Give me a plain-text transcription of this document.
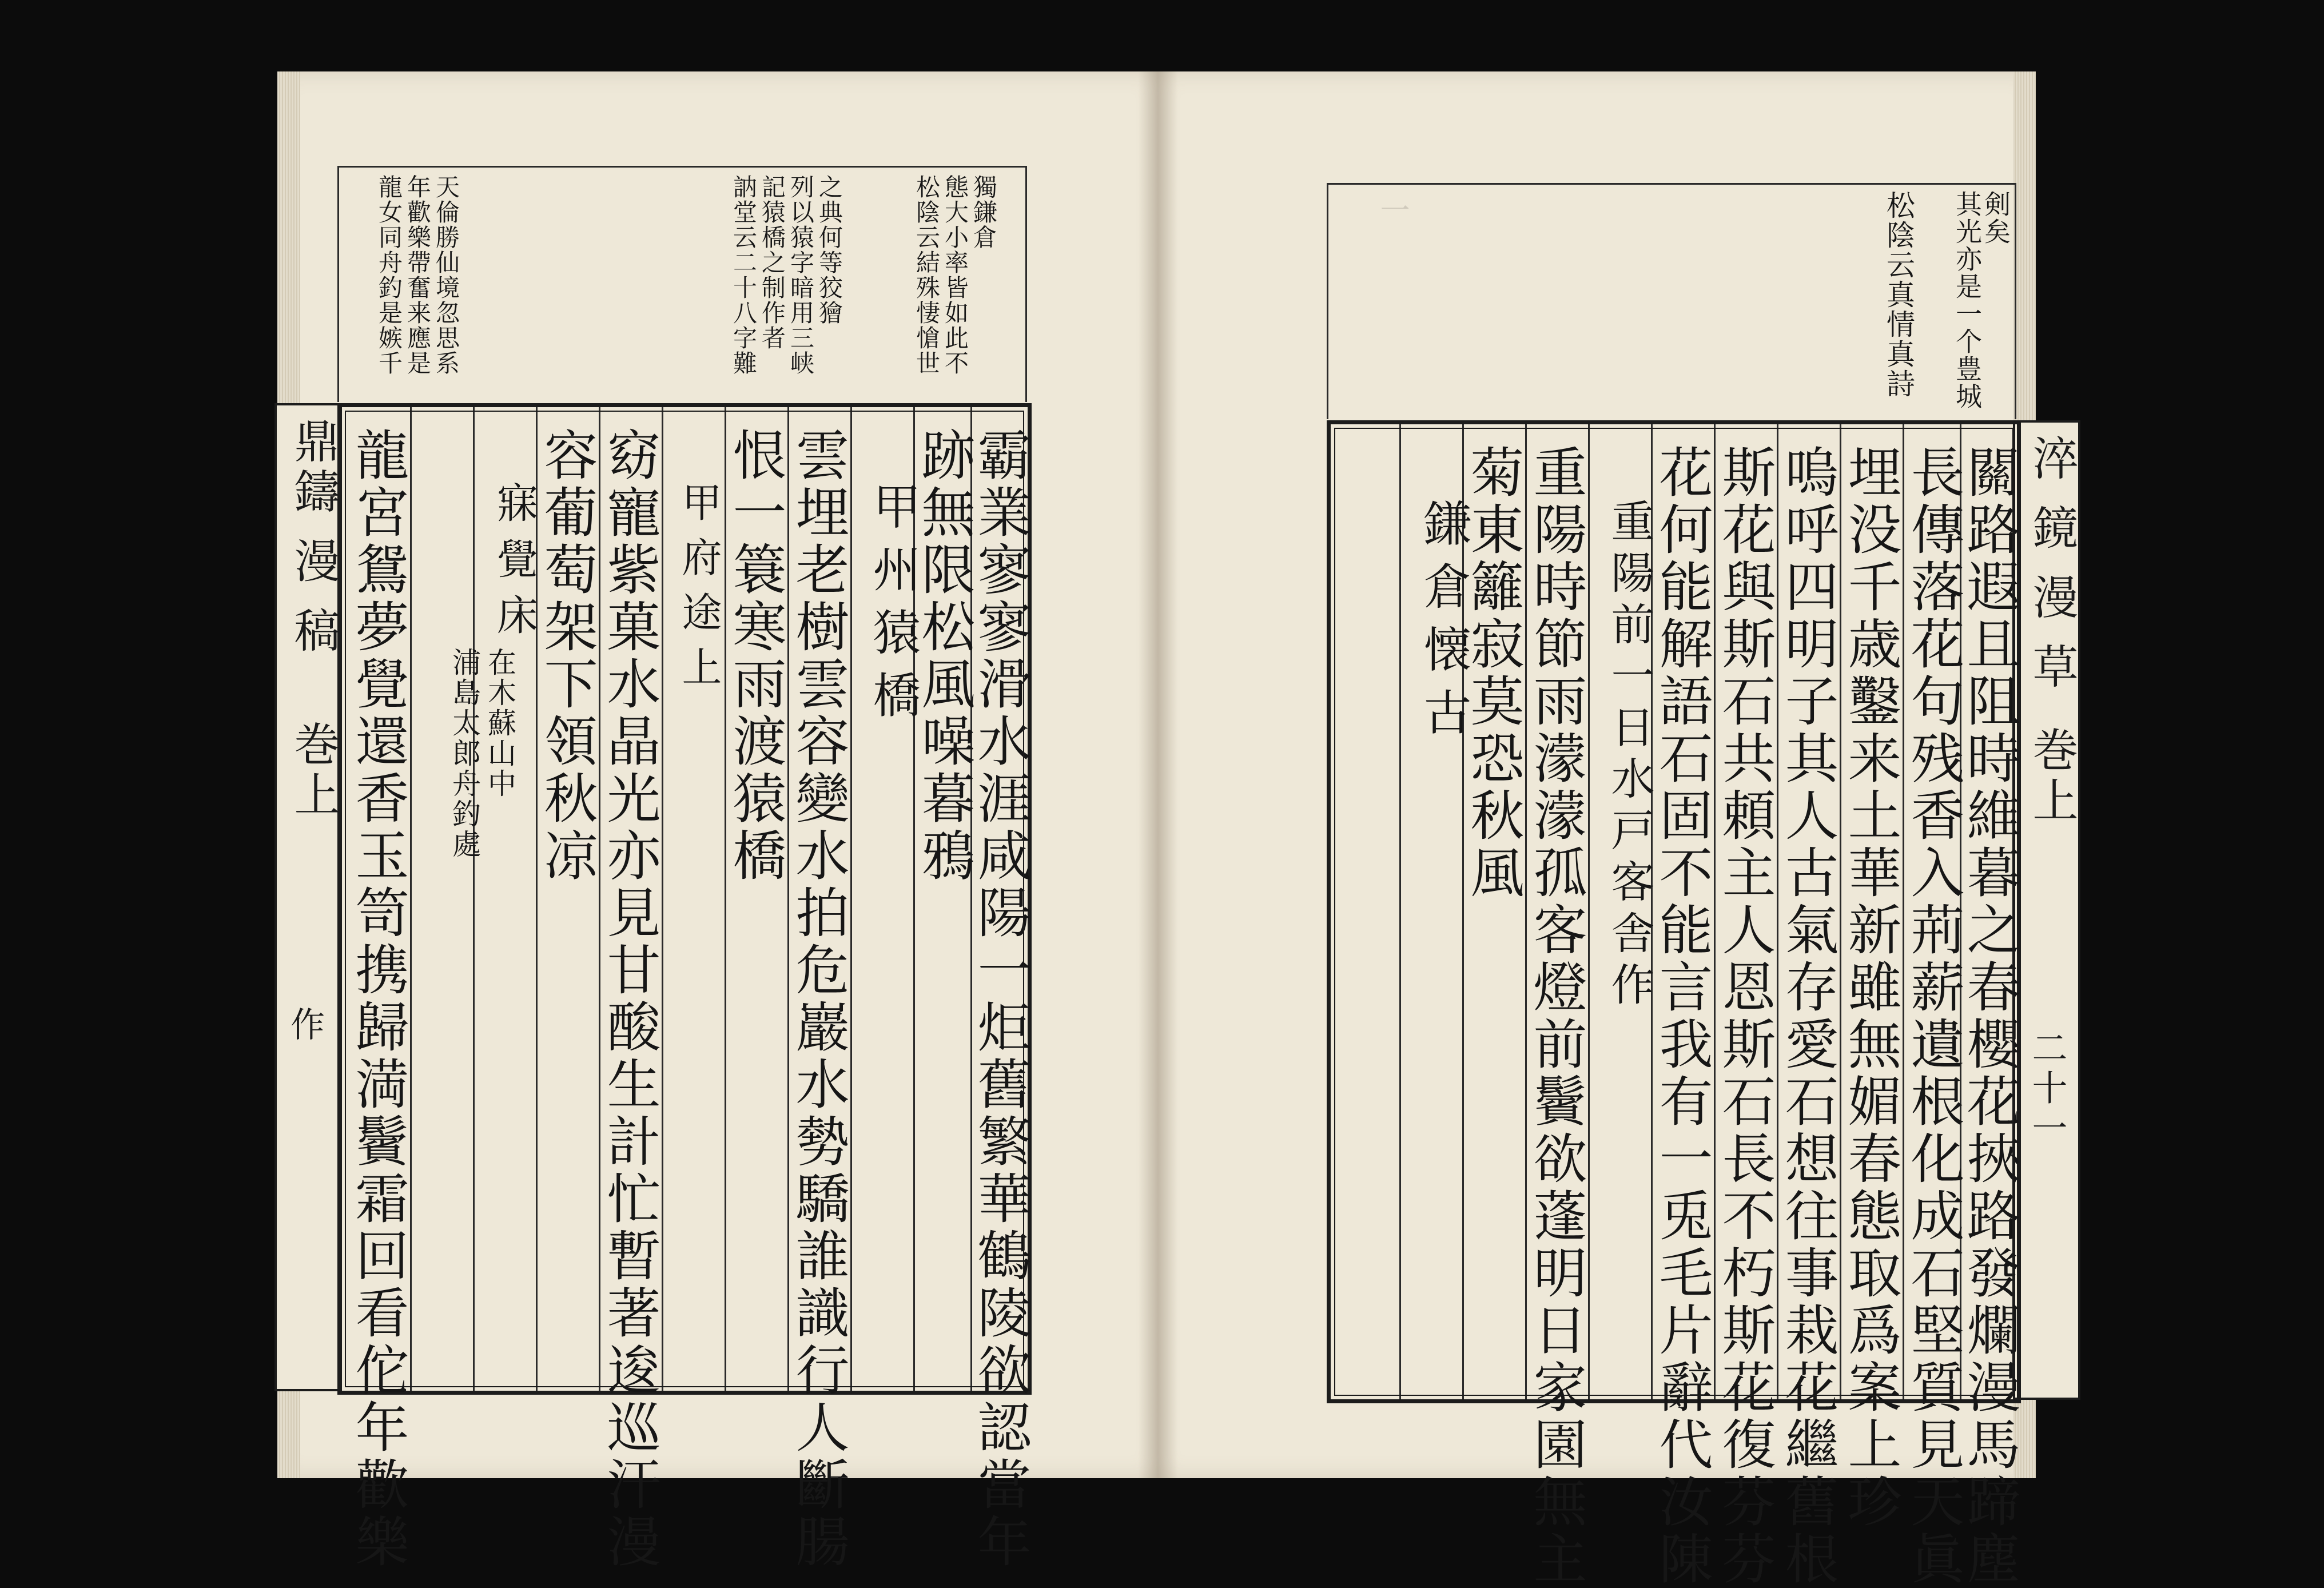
龍女同舟釣是嫉千 年歡樂帶奮来應是 天倫勝仙境忽思系	訥堂云二十八字難 記猿橋之制作者 列以猿字暗用三峡 之典何等狡獪	松陰云結殊悽愴世 態大小率皆如此不 獨鎌倉
鼎鑄 漫 稿
巻上
作	霸業寥寥滑水涯咸陽一炬舊繁華鶴陵欲認當年
跡無限松風噪暮鴉
甲州猿橋
雲埋老樹雲容變水拍危巖水勢驕誰識行人斷腸
恨一簑寒雨渡猿橋
甲府途上
窈寵紫菓水晶光亦見甘酸生計忙暫著逡巡汗漫
容葡萄架下領秋凉
寐覺床
浦島太郎舟釣處 在木蘇山中
龍宮鴛夢覺還香玉笥携歸満鬢霜回看佗年歡樂
其光亦是一个豊城
剣矣
松陰云真情真詩
一　　　　　
淬 鏡 漫 草
巻上
二十一
關路遐且阻時維暮之春櫻花挾路發爛漫馬蹄塵
長傳落花句残香入荊薪遺根化成石堅質見天眞
埋没千歳鑿来土華新雖無媚春態取爲案上珍
嗚呼四明子其人古氣存愛石想往事栽花繼舊根
斯花與斯石共頼主人恩斯石長不朽斯花復芬芬
花何能解語石固不能言我有一兎毛片辭代汝陳
重陽前一日水戸客舎作
重陽時節雨濛濛孤客燈前鬢欲蓬明日家園無主
菊東籬寂莫恐秋風
鎌倉懐古
